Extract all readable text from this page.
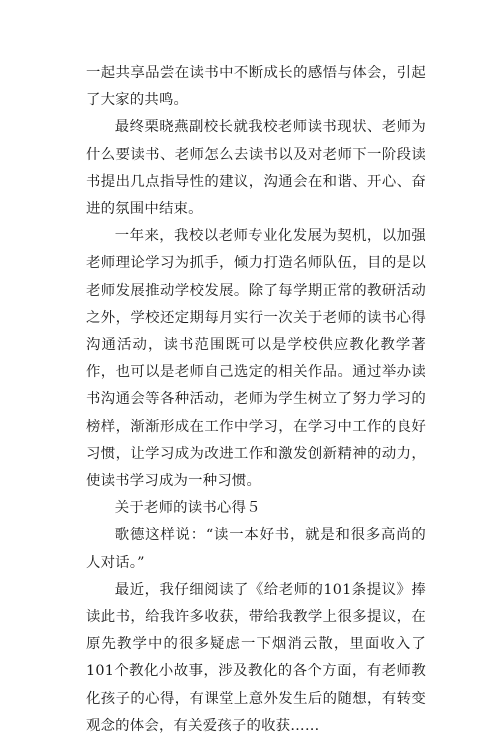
一起共享品尝在读书中不断成长的感悟与体会，引起了大家的共鸣。

最终栗晓燕副校长就我校老师读书现状、老师为什么要读书、老师怎么去读书以及对老师下一阶段读书提出几点指导性的建议，沟通会在和谐、开心、奋进的氛围中结束。

一年来，我校以老师专业化发展为契机，以加强老师理论学习为抓手，倾力打造名师队伍，目的是以老师发展推动学校发展。除了每学期正常的教研活动之外，学校还定期每月实行一次关于老师的读书心得沟通活动，读书范围既可以是学校供应教化教学著作，也可以是老师自己选定的相关作品。通过举办读书沟通会等各种活动，老师为学生树立了努力学习的榜样，渐渐形成在工作中学习，在学习中工作的良好习惯，让学习成为改进工作和激发创新精神的动力，使读书学习成为一种习惯。

关于老师的读书心得５

歌德这样说：“读一本好书，就是和很多高尚的人对话。”

最近，我仔细阅读了《给老师的101条提议》捧读此书，给我许多收获，带给我教学上很多提议，在原先教学中的很多疑虑一下烟消云散，里面收入了101个教化小故事，涉及教化的各个方面，有老师教化孩子的心得，有课堂上意外发生后的随想，有转变观念的体会，有关爱孩子的收获……
